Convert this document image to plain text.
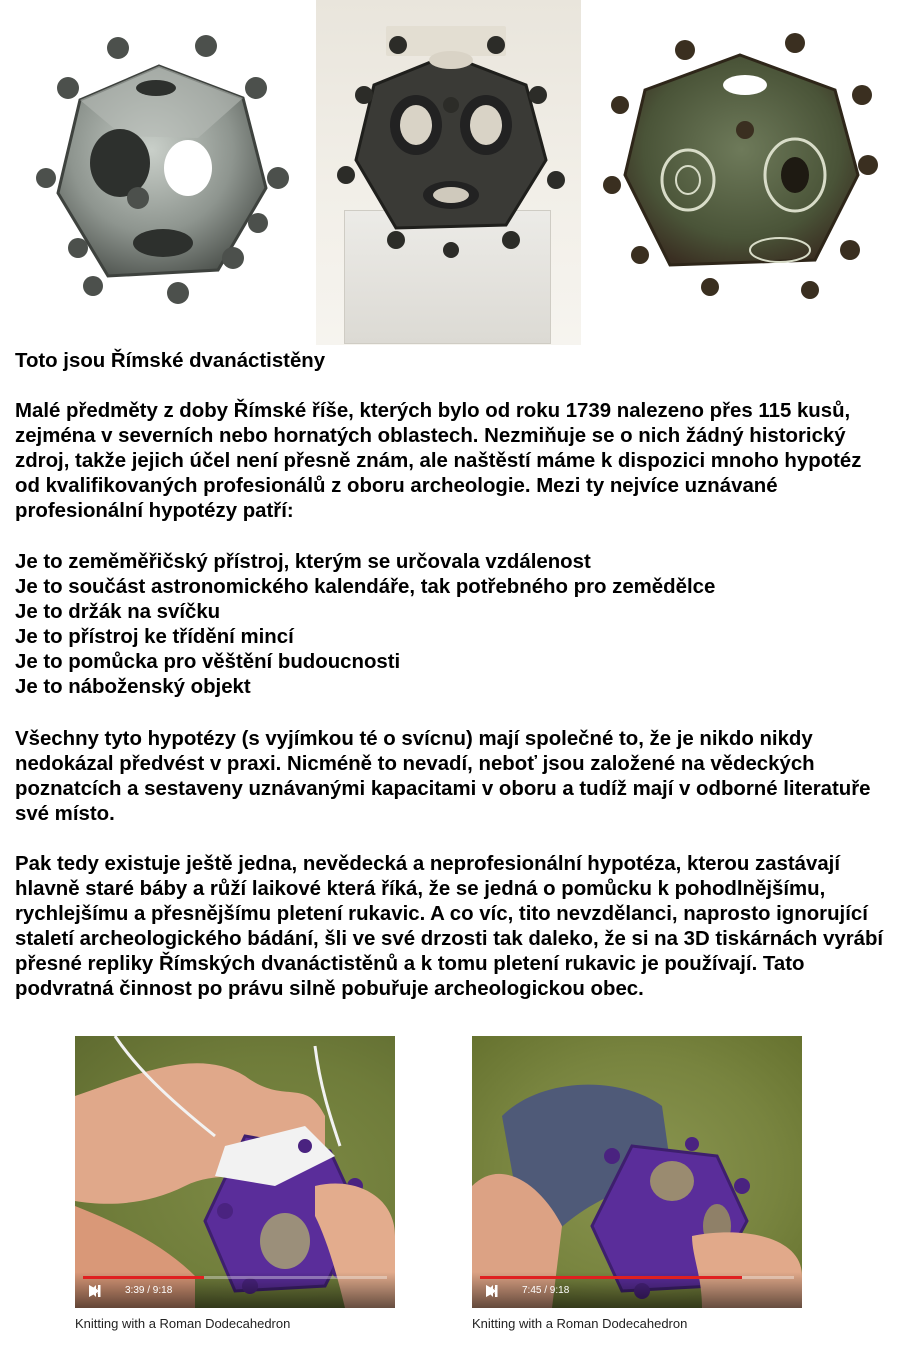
Toto jsou Římské dvanáctistěny
Malé předměty z doby Římské říše, kterých bylo od roku 1739 nalezeno přes 115 kusů, zejména v severních nebo hornatých oblastech. Nezmiňuje se o nich žádný historický zdroj, takže jejich účel není přesně znám, ale naštěstí máme k dispozici mnoho hypotéz od kvalifikovaných profesionálů z oboru archeologie. Mezi ty nejvíce uznávané profesionální hypotézy patří:
Je to zeměměřičský přístroj, kterým se určovala vzdálenost
Je to součást astronomického kalendáře, tak potřebného pro zemědělce
Je to držák na svíčku
Je to přístroj ke třídění mincí
Je to pomůcka pro věštění budoucnosti
Je to náboženský objekt
Všechny tyto hypotézy (s vyjímkou té o svícnu) mají společné to, že je nikdo nikdy nedokázal předvést v praxi. Nicméně to nevadí, neboť jsou založené na vědeckých poznatcích a sestaveny uznávanými kapacitami v oboru a tudíž mají v odborné literatuře své místo.
Pak tedy existuje ještě jedna, nevědecká a neprofesionální hypotéza, kterou zastávají hlavně staré báby a růží laikové která říká, že se jedná o pomůcku k pohodlnějšímu, rychlejšímu a přesnějšímu pletení rukavic. A co víc, tito nevzdělanci, naprosto ignorující staletí archeologického bádání, šli ve své drzosti tak daleko, že si na 3D tiskárnách vyrábí přesné repliky Římských dvanáctistěnů a k tomu pletení rukavic je používají. Tato podvratná činnost po právu silně pobuřuje archeologickou obec.
3:39 / 9:18
Knitting with a Roman Dodecahedron
7:45 / 9:18
Knitting with a Roman Dodecahedron
